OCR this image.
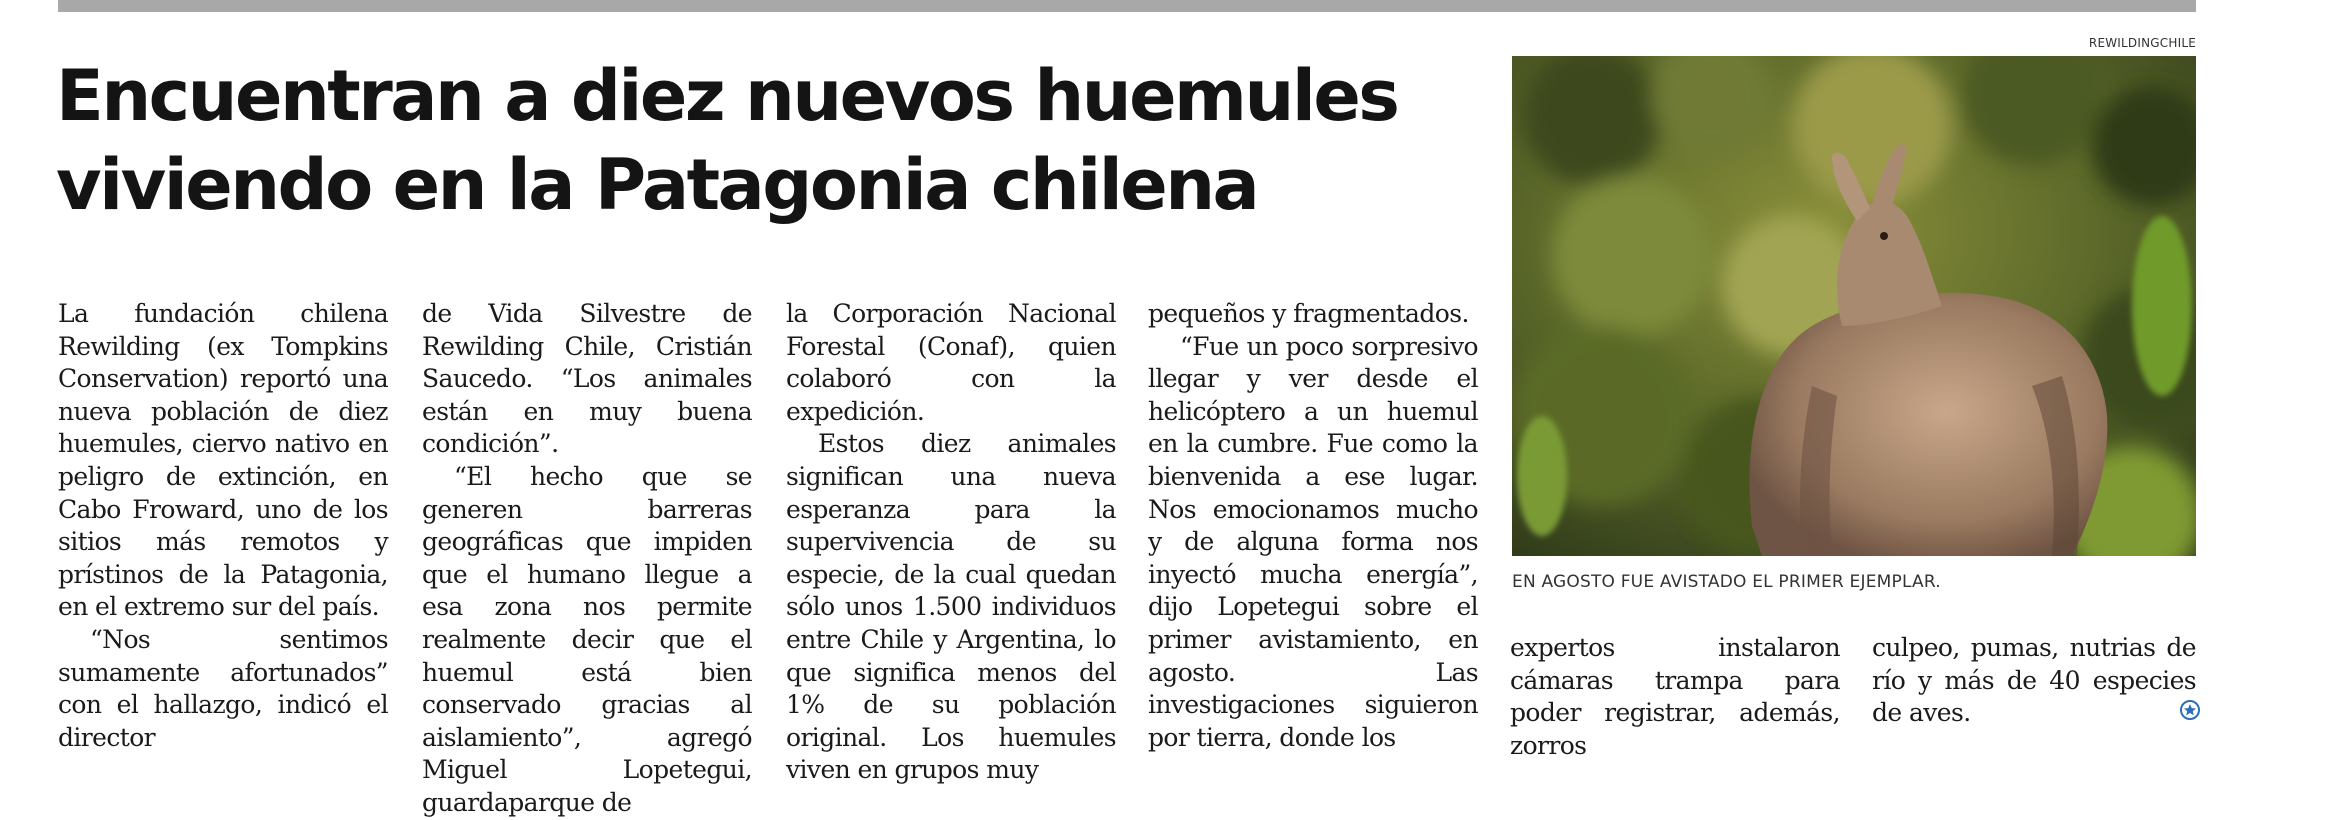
Encuentran a diez nuevos huemules
viviendo en la Patagonia chilena

La fundación chilena Rewilding (ex Tompkins Conservation) reportó una nueva población de diez huemules, ciervo nativo en peligro de extinción, en Cabo Froward, uno de los sitios más remotos y prístinos de la Patagonia, en el extremo sur del país.

“Nos sentimos sumamente afortunados” con el hallazgo, indicó el director

de Vida Silvestre de Rewilding Chile, Cristián Saucedo. “Los animales están en muy buena condición”.

“El hecho que se generen barreras geográficas que impiden que el humano llegue a esa zona nos permite realmente decir que el huemul está bien conservado gracias al aislamiento”, agregó Miguel Lopetegui, guardaparque de

la Corporación Nacional Forestal (Conaf), quien colaboró con la expedición.

Estos diez animales significan una nueva esperanza para la supervivencia de su especie, de la cual quedan sólo unos 1.500 individuos entre Chile y Argentina, lo que significa menos del 1% de su población original. Los huemules viven en grupos muy

pequeños y fragmentados.

“Fue un poco sorpresivo llegar y ver desde el helicóptero a un huemul en la cumbre. Fue como la bienvenida a ese lugar. Nos emocionamos mucho y de alguna forma nos inyectó mucha energía”, dijo Lopetegui sobre el primer avistamiento, en agosto. Las investigaciones siguieron por tierra, donde los

expertos instalaron cámaras trampa para poder registrar, además, zorros

culpeo, pumas, nutrias de río y más de 40 especies de aves.

REWILDINGCHILE
EN AGOSTO FUE AVISTADO EL PRIMER EJEMPLAR.
